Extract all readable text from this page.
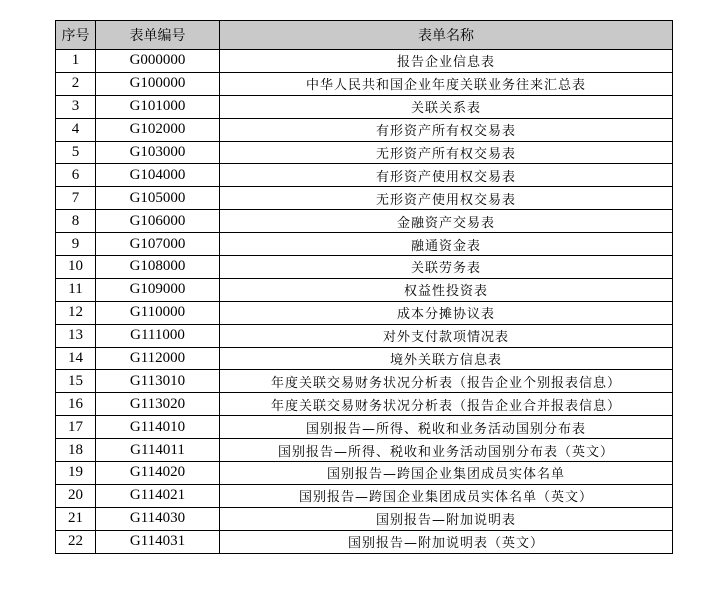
序号	表单编号	表单名称
1	G000000	报告企业信息表
2	G100000	中华人民共和国企业年度关联业务往来汇总表
3	G101000	关联关系表
4	G102000	有形资产所有权交易表
5	G103000	无形资产所有权交易表
6	G104000	有形资产使用权交易表
7	G105000	无形资产使用权交易表
8	G106000	金融资产交易表
9	G107000	融通资金表
10	G108000	关联劳务表
11	G109000	权益性投资表
12	G110000	成本分摊协议表
13	G111000	对外支付款项情况表
14	G112000	境外关联方信息表
15	G113010	年度关联交易财务状况分析表（报告企业个别报表信息）
16	G113020	年度关联交易财务状况分析表（报告企业合并报表信息）
17	G114010	国别报告—所得、税收和业务活动国别分布表
18	G114011	国别报告—所得、税收和业务活动国别分布表（英文）
19	G114020	国别报告—跨国企业集团成员实体名单
20	G114021	国别报告—跨国企业集团成员实体名单（英文）
21	G114030	国别报告—附加说明表
22	G114031	国别报告—附加说明表（英文）
